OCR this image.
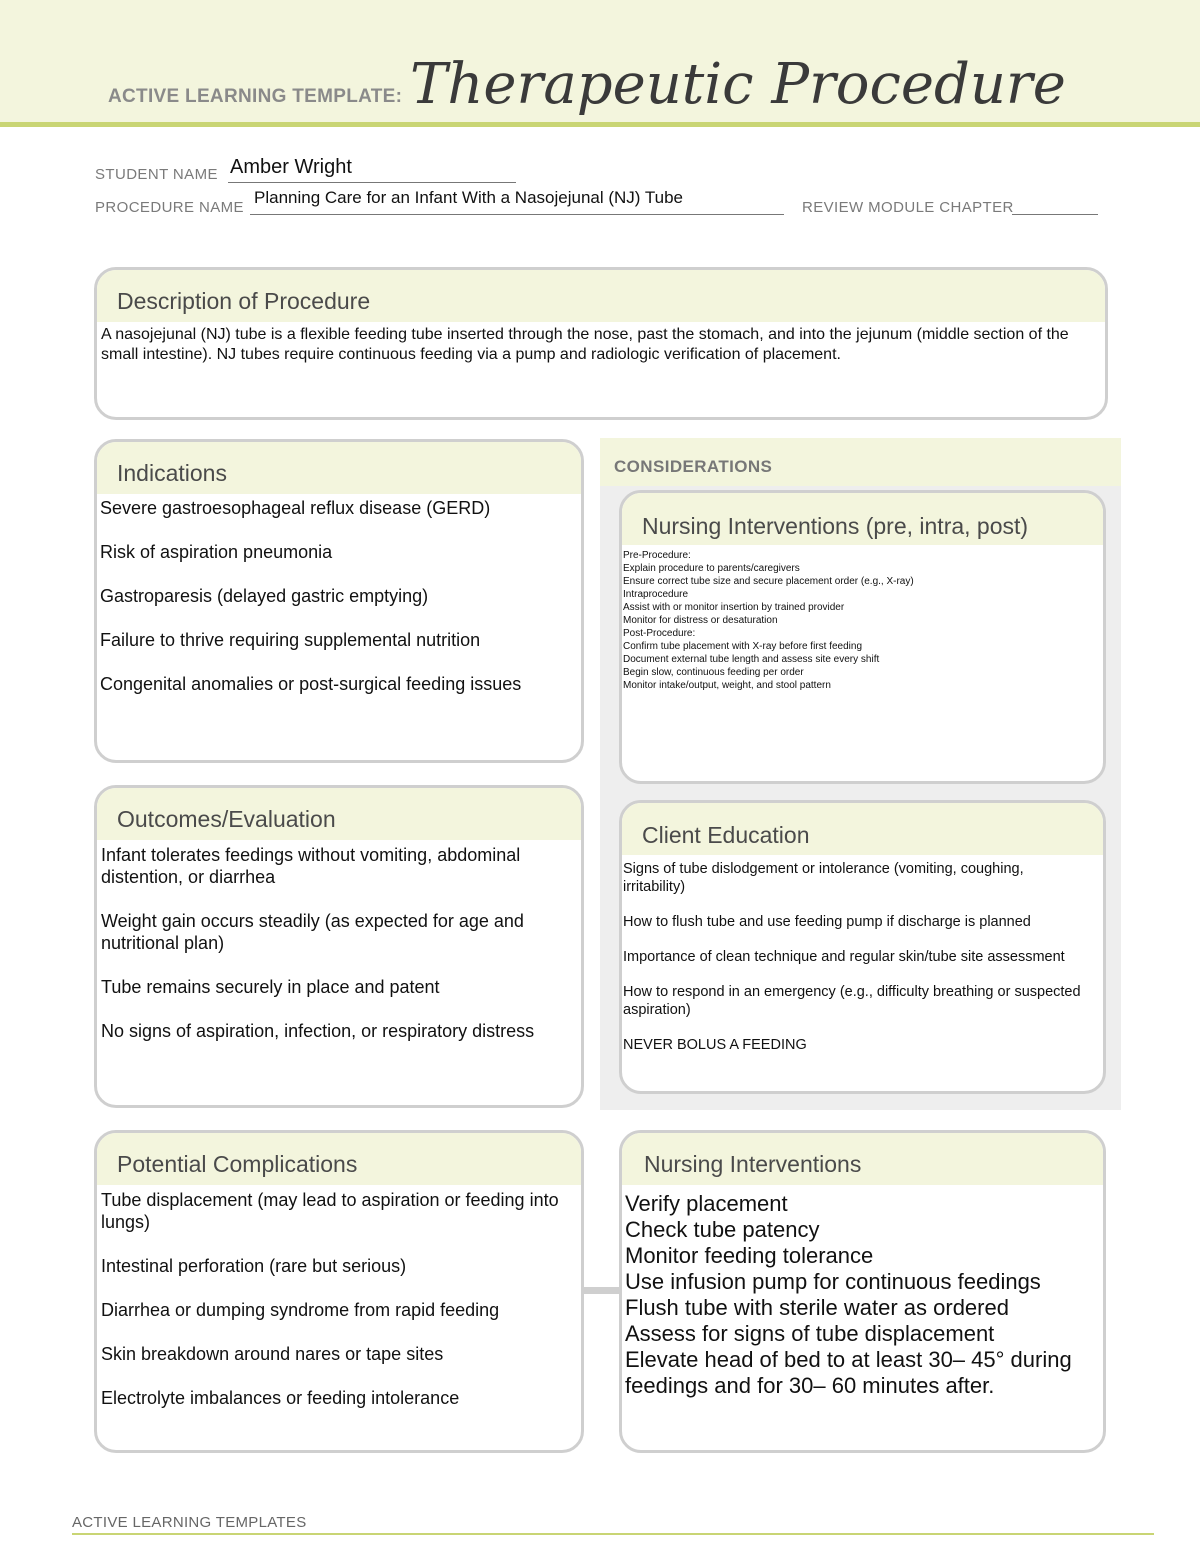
ACTIVE LEARNING TEMPLATE: Therapeutic Procedure
STUDENT NAME Amber Wright
PROCEDURE NAME
Planning Care for an Infant With a Nasojejunal (NJ) Tube
REVIEW MODULE CHAPTER
Description of Procedure

A nasojejunal (NJ) tube is a flexible feeding tube inserted through the nose, past the stomach, and into the jejunum (middle section of the small intestine). NJ tubes require continuous feeding via a pump and radiologic verification of placement.

CONSIDERATIONS
Indications

Severe gastroesophageal reflux disease (GERD)

Risk of aspiration pneumonia

Gastroparesis (delayed gastric emptying)

Failure to thrive requiring supplemental nutrition

Congenital anomalies or post-surgical feeding issues

Nursing Interventions (pre, intra, post)

Pre-Procedure:

Explain procedure to parents/caregivers

Ensure correct tube size and secure placement order (e.g., X-ray)

Intraprocedure

Assist with or monitor insertion by trained provider

Monitor for distress or desaturation

Post-Procedure:

Confirm tube placement with X-ray before first feeding

Document external tube length and assess site every shift

Begin slow, continuous feeding per order

Monitor intake/output, weight, and stool pattern

Outcomes/Evaluation

Infant tolerates feedings without vomiting, abdominal distention, or diarrhea

Weight gain occurs steadily (as expected for age and nutritional plan)

Tube remains securely in place and patent

No signs of aspiration, infection, or respiratory distress

Client Education

Signs of tube dislodgement or intolerance (vomiting, coughing, irritability)

How to flush tube and use feeding pump if discharge is planned

Importance of clean technique and regular skin/tube site assessment

How to respond in an emergency (e.g., difficulty breathing or suspected aspiration)

NEVER BOLUS A FEEDING

Potential Complications

Tube displacement (may lead to aspiration or feeding into lungs)

Intestinal perforation (rare but serious)

Diarrhea or dumping syndrome from rapid feeding

Skin breakdown around nares or tape sites

Electrolyte imbalances or feeding intolerance

Nursing Interventions

Verify placement

Check tube patency

Monitor feeding tolerance

Use infusion pump for continuous feedings

Flush tube with sterile water as ordered

Assess for signs of tube displacement

Elevate head of bed to at least 30– 45° during feedings and for 30– 60 minutes after.

ACTIVE LEARNING TEMPLATES
